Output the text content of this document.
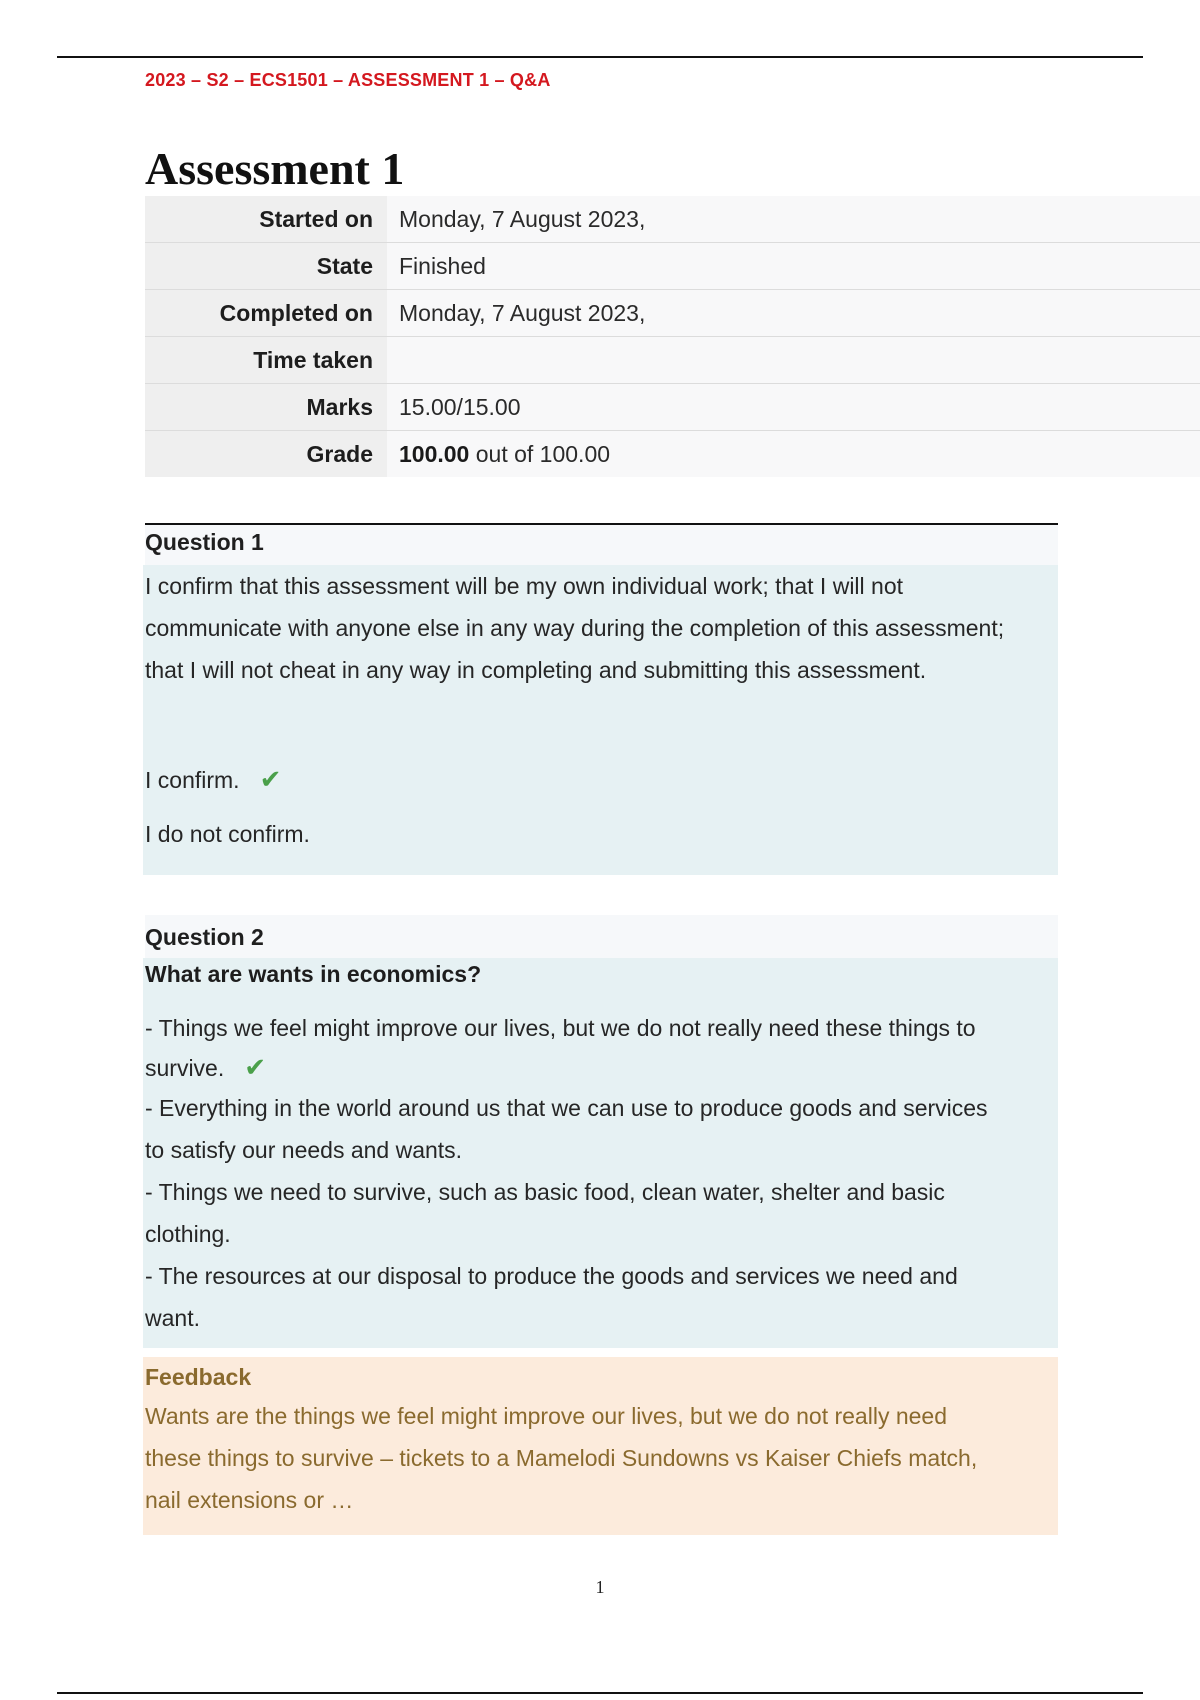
2023 – S2 – ECS1501 – ASSESSMENT 1 – Q&A
Assessment 1
Started on	Monday, 7 August 2023,
State	Finished
Completed on	Monday, 7 August 2023,
Time taken	
Marks	15.00/15.00
Grade	100.00 out of 100.00
Question 1

I confirm that this assessment will be my own individual work; that I will not

communicate with anyone else in any way during the completion of this assessment;

that I will not cheat in any way in completing and submitting this assessment.

I confirm. ✔

I do not confirm.

Question 2

What are wants in economics?

- Things we feel might improve our lives, but we do not really need these things to

survive. ✔

- Everything in the world around us that we can use to produce goods and services

to satisfy our needs and wants.

- Things we need to survive, such as basic food, clean water, shelter and basic

clothing.

- The resources at our disposal to produce the goods and services we need and

want.

Feedback

Wants are the things we feel might improve our lives, but we do not really need

these things to survive – tickets to a Mamelodi Sundowns vs Kaiser Chiefs match,

nail extensions or …

1
